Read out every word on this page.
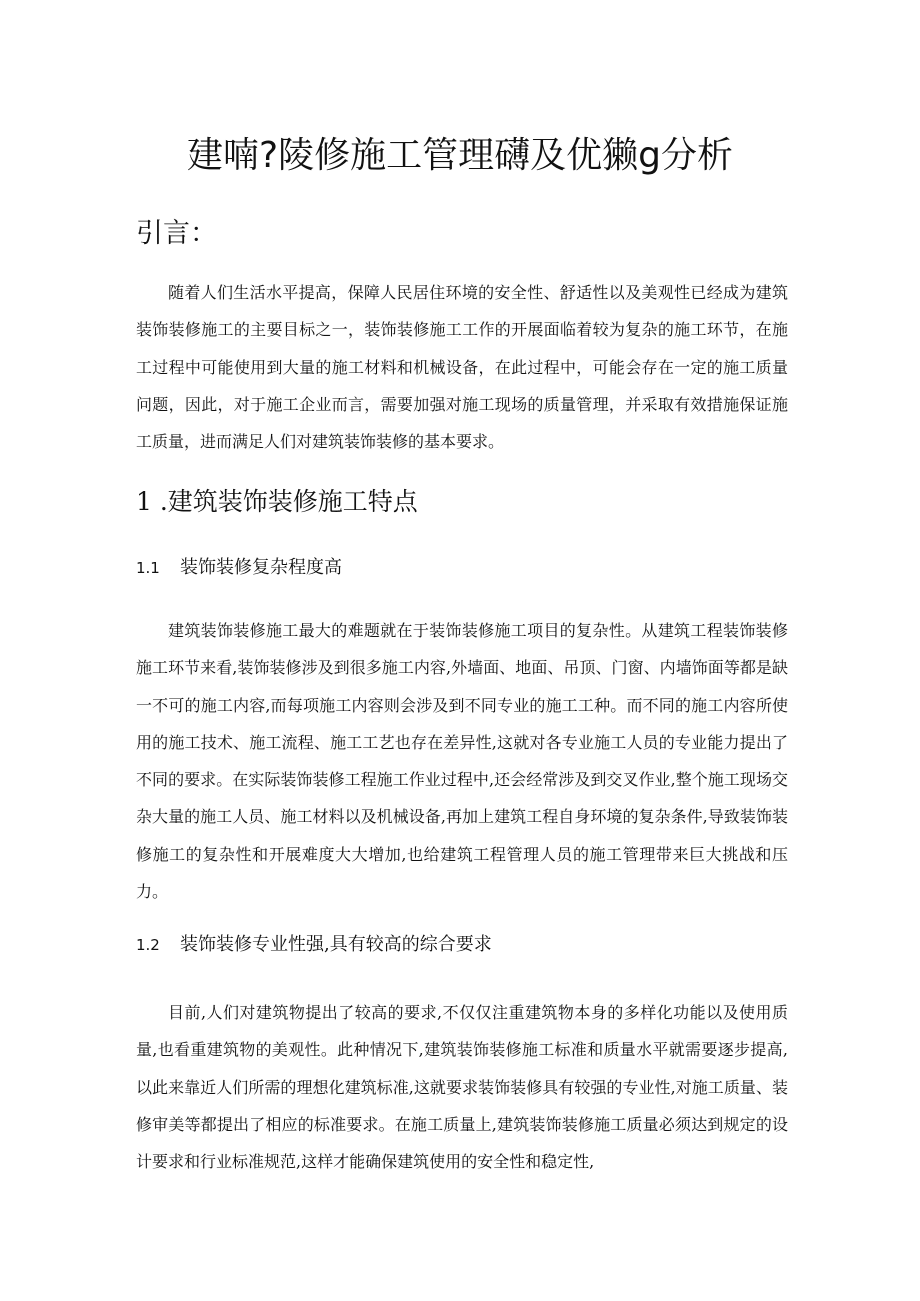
建喃?陵修施工管理礴及优獭g分析
引言：

随着人们生活水平提高，保障人民居住环境的安全性、舒适性以及美观性已经成为建筑装饰装修施工的主要目标之一，装饰装修施工工作的开展面临着较为复杂的施工环节，在施工过程中可能使用到大量的施工材料和机械设备，在此过程中，可能会存在一定的施工质量问题，因此，对于施工企业而言，需要加强对施工现场的质量管理，并采取有效措施保证施工质量，进而满足人们对建筑装饰装修的基本要求。

1 .建筑装饰装修施工特点
1.1 装饰装修复杂程度高

建筑装饰装修施工最大的难题就在于装饰装修施工项目的复杂性。从建筑工程装饰装修施工环节来看,装饰装修涉及到很多施工内容,外墙面、地面、吊顶、门窗、内墙饰面等都是缺一不可的施工内容,而每项施工内容则会涉及到不同专业的施工工种。而不同的施工内容所使用的施工技术、施工流程、施工工艺也存在差异性,这就对各专业施工人员的专业能力提出了不同的要求。在实际装饰装修工程施工作业过程中,还会经常涉及到交叉作业,整个施工现场交杂大量的施工人员、施工材料以及机械设备,再加上建筑工程自身环境的复杂条件,导致装饰装修施工的复杂性和开展难度大大增加,也给建筑工程管理人员的施工管理带来巨大挑战和压力。

1.2 装饰装修专业性强,具有较高的综合要求

目前,人们对建筑物提出了较高的要求,不仅仅注重建筑物本身的多样化功能以及使用质量,也看重建筑物的美观性。此种情况下,建筑装饰装修施工标准和质量水平就需要逐步提高,以此来靠近人们所需的理想化建筑标准,这就要求装饰装修具有较强的专业性,对施工质量、装修审美等都提出了相应的标准要求。在施工质量上,建筑装饰装修施工质量必须达到规定的设计要求和行业标准规范,这样才能确保建筑使用的安全性和稳定性,
